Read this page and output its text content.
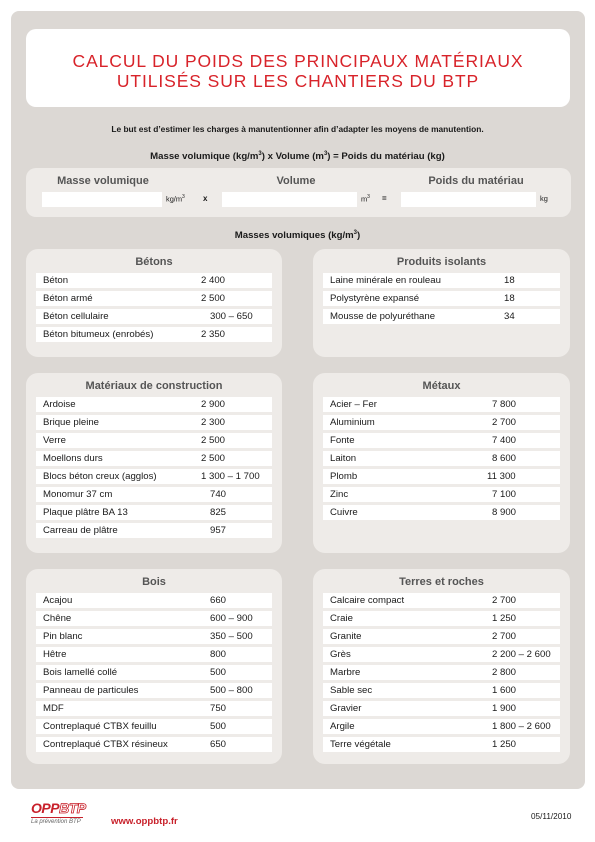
CALCUL DU POIDS DES PRINCIPAUX MATÉRIAUX
UTILISÉS SUR LES CHANTIERS DU BTP
Le but est d’estimer les charges à manutentionner afin d’adapter les moyens de manutention.
Masse volumique $(kg/m^3)$ x Volume $(m^3)$ = Poids du matériau (kg)
Masse volumique	Volume	Poids du matériau
$kg/m^3$ x	$m^3$ =	kg
Masses volumiques $(kg/m^3)$
Bétons
Béton	2 400
Béton armé	2 500
Béton cellulaire	300 – 650
Béton bitumeux (enrobés)	2 350
Produits isolants
Laine minérale en rouleau	18
Polystyrène expansé	18
Mousse de polyuréthane	34
Matériaux de construction
Ardoise	2 900
Brique pleine	2 300
Verre	2 500
Moellons durs	2 500
Blocs béton creux (agglos)	1 300 – 1 700
Monomur 37 cm	740
Plaque plâtre BA 13	825
Carreau de plâtre	957
Métaux
Acier – Fer	7 800
Aluminium	2 700
Fonte	7 400
Laiton	8 600
Plomb	11 300
Zinc	7 100
Cuivre	8 900
Bois
Acajou	660
Chêne	600 – 900
Pin blanc	350 – 500
Hêtre	800
Bois lamellé collé	500
Panneau de particules	500 – 800
MDF	750
Contreplaqué CTBX feuillu	500
Contreplaqué CTBX résineux	650
Terres et roches
Calcaire compact	2 700
Craie	1 250
Granite	2 700
Grès	2 200 – 2 600
Marbre	2 800
Sable sec	1 600
Gravier	1 900
Argile	1 800 – 2 600
Terre végétale	1 250
OPPBTP
La prévention BTP	www.oppbtp.fr	05/11/2010
